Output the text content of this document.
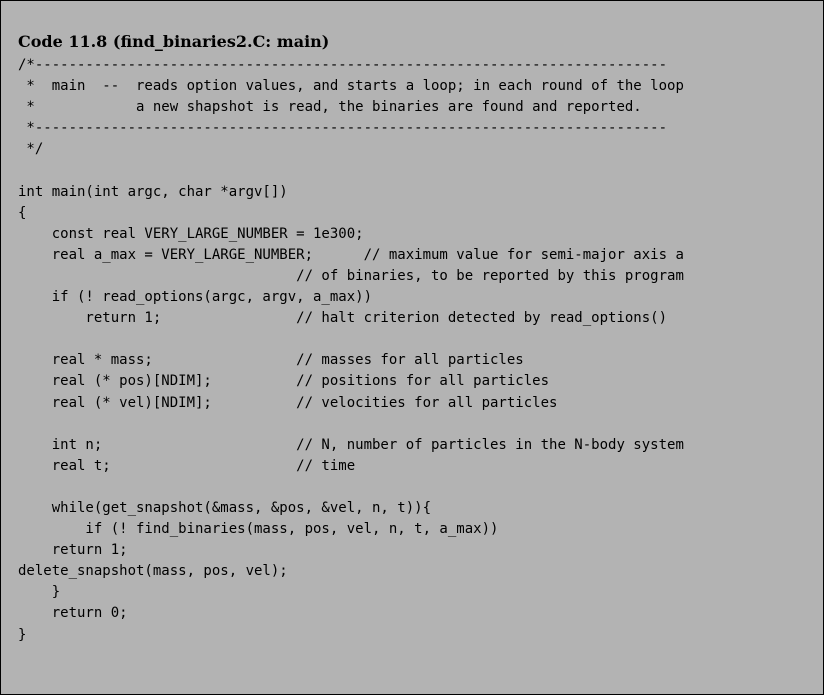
Code 11.8 (find_binaries2.C: main)
/*---------------------------------------------------------------------------
*  main  --  reads option values, and starts a loop; in each round of the loop
*            a new shapshot is read, the binaries are found and reported.
*---------------------------------------------------------------------------
*/
int main(int argc, char *argv[])
{
const real VERY_LARGE_NUMBER = 1e300;
real a_max = VERY_LARGE_NUMBER;      // maximum value for semi-major axis a
// of binaries, to be reported by this program
if (! read_options(argc, argv, a_max))
return 1;                // halt criterion detected by read_options()
real * mass;                 // masses for all particles
real (* pos)[NDIM];          // positions for all particles
real (* vel)[NDIM];          // velocities for all particles
int n;                       // N, number of particles in the N-body system
real t;                      // time
while(get_snapshot(&mass, &pos, &vel, n, t)){
if (! find_binaries(mass, pos, vel, n, t, a_max))
return 1;
delete_snapshot(mass, pos, vel);
}
return 0;
}
